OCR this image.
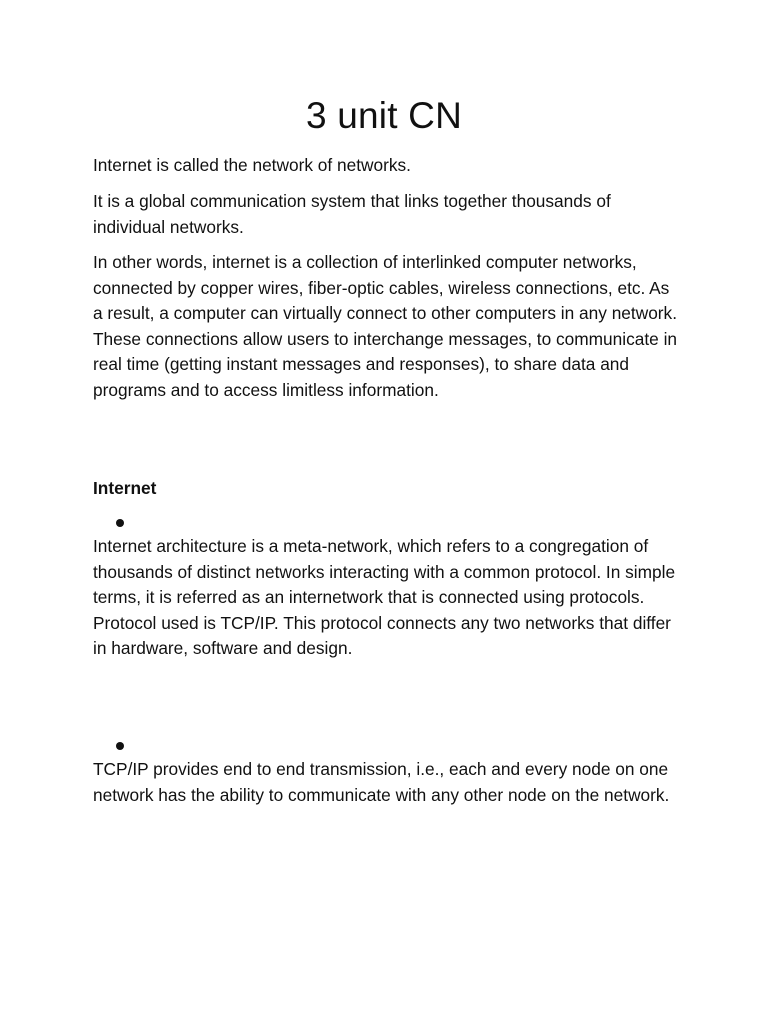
3 unit CN

Internet is called the network of networks.

It is a global communication system that links together thousands of individual networks.

In other words, internet is a collection of interlinked computer networks, connected by copper wires, fiber-optic cables, wireless connections, etc. As a result, a computer can virtually connect to other computers in any network. These connections allow users to interchange messages, to communicate in real time (getting instant messages and responses), to share data and programs and to access limitless information.

Internet

Internet architecture is a meta-network, which refers to a congregation of thousands of distinct networks interacting with a common protocol. In simple terms, it is referred as an internetwork that is connected using protocols. Protocol used is TCP/IP. This protocol connects any two networks that differ in hardware, software and design.

TCP/IP provides end to end transmission, i.e., each and every node on one network has the ability to communicate with any other node on the network.
